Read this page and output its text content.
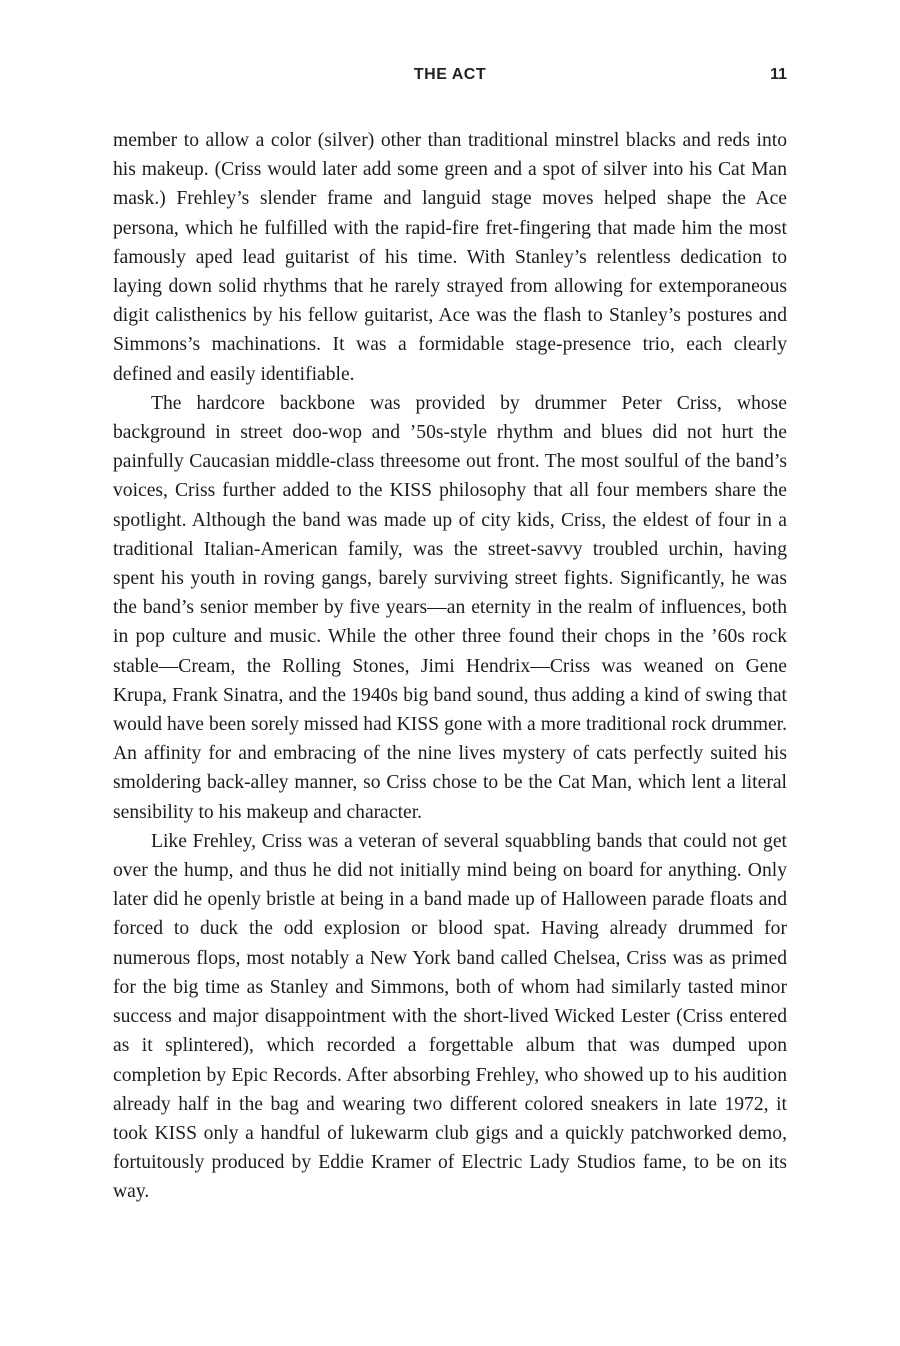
THE ACT	11

member to allow a color (silver) other than traditional minstrel blacks and reds into his makeup. (Criss would later add some green and a spot of silver into his Cat Man mask.) Frehley’s slender frame and languid stage moves helped shape the Ace persona, which he fulfilled with the rapid-fire fret-fingering that made him the most famously aped lead guitarist of his time. With Stanley’s relentless dedication to laying down solid rhythms that he rarely strayed from allowing for extemporaneous digit calisthenics by his fellow guitarist, Ace was the flash to Stanley’s postures and Simmons’s machinations. It was a formidable stage-presence trio, each clearly defined and easily identifiable.

The hardcore backbone was provided by drummer Peter Criss, whose background in street doo-wop and ’50s-style rhythm and blues did not hurt the painfully Caucasian middle-class threesome out front. The most soulful of the band’s voices, Criss further added to the KISS philosophy that all four members share the spotlight. Although the band was made up of city kids, Criss, the eldest of four in a traditional Italian-American family, was the street-savvy troubled urchin, having spent his youth in roving gangs, barely surviving street fights. Significantly, he was the band’s senior member by five years—an eternity in the realm of influences, both in pop culture and music. While the other three found their chops in the ’60s rock stable—Cream, the Rolling Stones, Jimi Hendrix—Criss was weaned on Gene Krupa, Frank Sinatra, and the 1940s big band sound, thus adding a kind of swing that would have been sorely missed had KISS gone with a more traditional rock drummer. An affinity for and embracing of the nine lives mystery of cats perfectly suited his smoldering back-alley manner, so Criss chose to be the Cat Man, which lent a literal sensibility to his makeup and character.

Like Frehley, Criss was a veteran of several squabbling bands that could not get over the hump, and thus he did not initially mind being on board for anything. Only later did he openly bristle at being in a band made up of Halloween parade floats and forced to duck the odd explosion or blood spat. Having already drummed for numerous flops, most notably a New York band called Chelsea, Criss was as primed for the big time as Stanley and Simmons, both of whom had similarly tasted minor success and major disappointment with the short-lived Wicked Lester (Criss entered as it splintered), which recorded a forgettable album that was dumped upon completion by Epic Records. After absorbing Frehley, who showed up to his audition already half in the bag and wearing two different colored sneakers in late 1972, it took KISS only a handful of lukewarm club gigs and a quickly patchworked demo, fortuitously produced by Eddie Kramer of Electric Lady Studios fame, to be on its way.
